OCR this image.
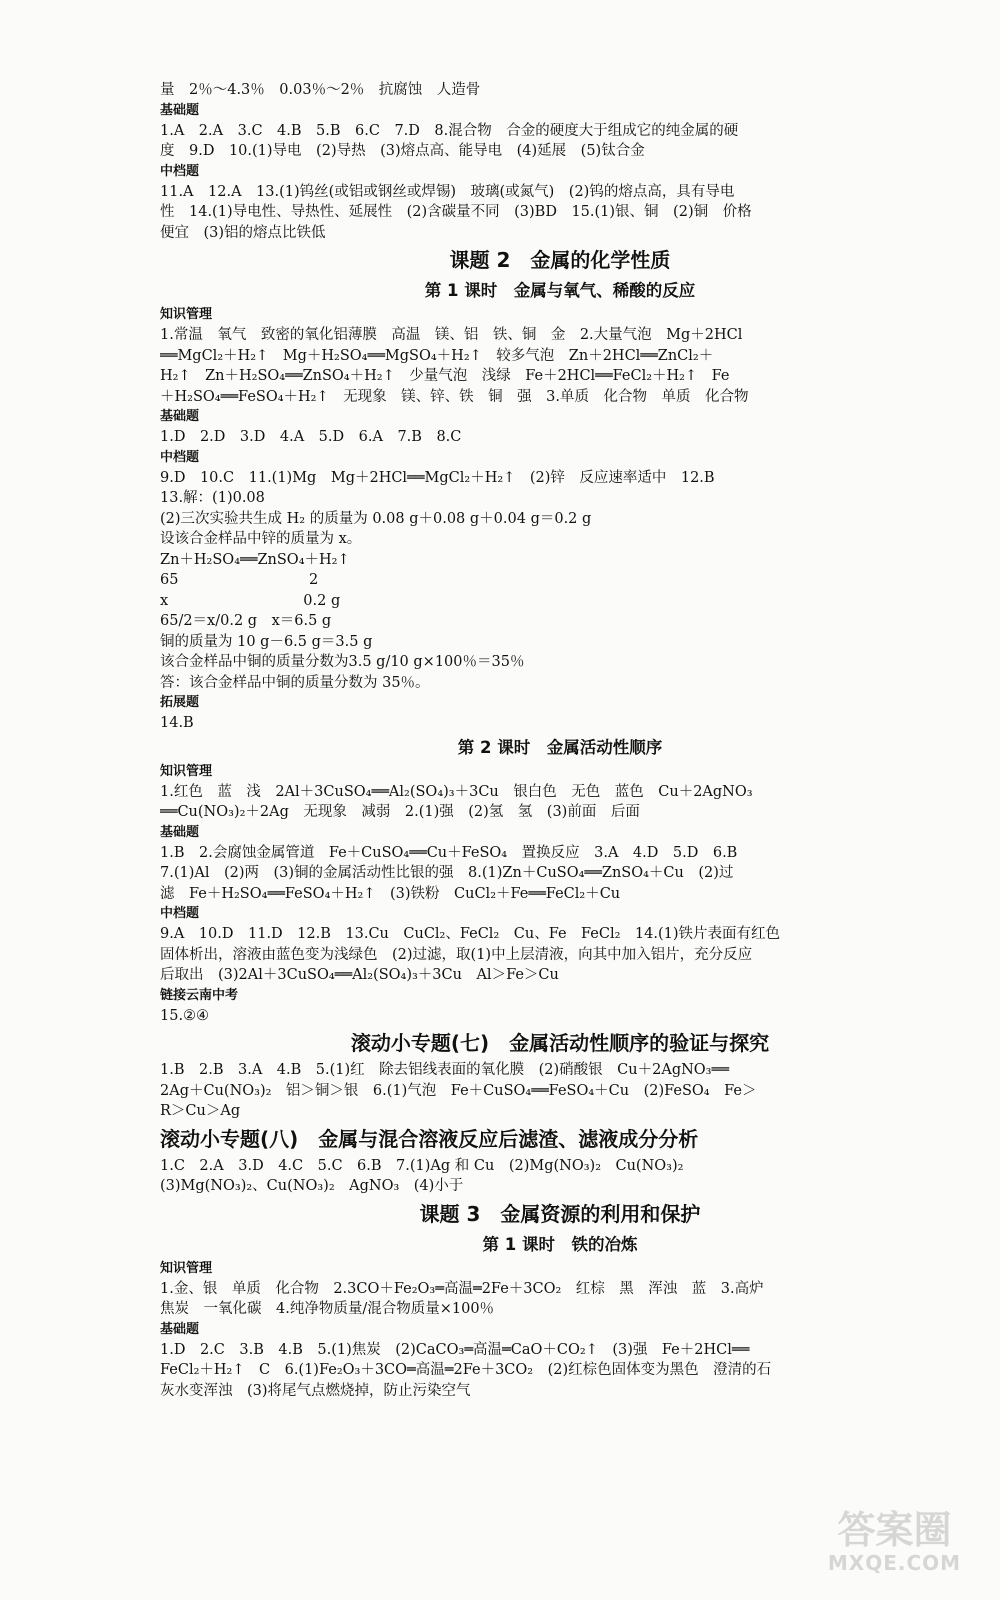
量　2％～4.3％　0.03％～2％　抗腐蚀　人造骨
基础题
1.A　2.A　3.C　4.B　5.B　6.C　7.D　8.混合物　合金的硬度大于组成它的纯金属的硬
度　9.D　10.(1)导电　(2)导热　(3)熔点高、能导电　(4)延展　(5)钛合金
中档题
11.A　12.A　13.(1)钨丝(或铝或钢丝或焊锡)　玻璃(或氮气)　(2)钨的熔点高，具有导电
性　14.(1)导电性、导热性、延展性　(2)含碳量不同　(3)BD　15.(1)银、铜　(2)铜　价格
便宜　(3)铝的熔点比铁低
课题 2　金属的化学性质
第 1 课时　金属与氧气、稀酸的反应
知识管理
1.常温　氧气　致密的氧化铝薄膜　高温　镁、铝　铁、铜　金　2.大量气泡　Mg＋2HCl
══MgCl₂＋H₂↑　Mg＋H₂SO₄══MgSO₄＋H₂↑　较多气泡　Zn＋2HCl══ZnCl₂＋
H₂↑　Zn＋H₂SO₄══ZnSO₄＋H₂↑　少量气泡　浅绿　Fe＋2HCl══FeCl₂＋H₂↑　Fe
＋H₂SO₄══FeSO₄＋H₂↑　无现象　镁、锌、铁　铜　强　3.单质　化合物　单质　化合物
基础题
1.D　2.D　3.D　4.A　5.D　6.A　7.B　8.C
中档题
9.D　10.C　11.(1)Mg　Mg＋2HCl══MgCl₂＋H₂↑　(2)锌　反应速率适中　12.B
13.解：(1)0.08
(2)三次实验共生成 H₂ 的质量为 0.08 g＋0.08 g＋0.04 g＝0.2 g
设该合金样品中锌的质量为 x。
Zn＋H₂SO₄══ZnSO₄＋H₂↑
65　　　　　　　　　2
x　　　　　　　　　 0.2 g
65/2＝x/0.2 g　x＝6.5 g
铜的质量为 10 g－6.5 g＝3.5 g
该合金样品中铜的质量分数为3.5 g/10 g×100％＝35％
答：该合金样品中铜的质量分数为 35％。
拓展题
14.B
第 2 课时　金属活动性顺序
知识管理
1.红色　蓝　浅　2Al＋3CuSO₄══Al₂(SO₄)₃＋3Cu　银白色　无色　蓝色　Cu＋2AgNO₃
══Cu(NO₃)₂＋2Ag　无现象　减弱　2.(1)强　(2)氢　氢　(3)前面　后面
基础题
1.B　2.会腐蚀金属管道　Fe＋CuSO₄══Cu＋FeSO₄　置换反应　3.A　4.D　5.D　6.B
7.(1)Al　(2)两　(3)铜的金属活动性比银的强　8.(1)Zn＋CuSO₄══ZnSO₄＋Cu　(2)过
滤　Fe＋H₂SO₄══FeSO₄＋H₂↑　(3)铁粉　CuCl₂＋Fe══FeCl₂＋Cu
中档题
9.A　10.D　11.D　12.B　13.Cu　CuCl₂、FeCl₂　Cu、Fe　FeCl₂　14.(1)铁片表面有红色
固体析出，溶液由蓝色变为浅绿色　(2)过滤，取(1)中上层清液，向其中加入铝片，充分反应
后取出　(3)2Al＋3CuSO₄══Al₂(SO₄)₃＋3Cu　Al＞Fe＞Cu
链接云南中考
15.②④
滚动小专题(七)　金属活动性顺序的验证与探究
1.B　2.B　3.A　4.B　5.(1)红　除去铝线表面的氧化膜　(2)硝酸银　Cu＋2AgNO₃══
2Ag＋Cu(NO₃)₂　铝＞铜＞银　6.(1)气泡　Fe＋CuSO₄══FeSO₄＋Cu　(2)FeSO₄　Fe＞
R＞Cu＞Ag
滚动小专题(八)　金属与混合溶液反应后滤渣、滤液成分分析
1.C　2.A　3.D　4.C　5.C　6.B　7.(1)Ag 和 Cu　(2)Mg(NO₃)₂　Cu(NO₃)₂
(3)Mg(NO₃)₂、Cu(NO₃)₂　AgNO₃　(4)小于
课题 3　金属资源的利用和保护
第 1 课时　铁的冶炼
知识管理
1.金、银　单质　化合物　2.3CO＋Fe₂O₃═高温═2Fe＋3CO₂　红棕　黑　浑浊　蓝　3.高炉
焦炭　一氧化碳　4.纯净物质量/混合物质量×100％
基础题
1.D　2.C　3.B　4.B　5.(1)焦炭　(2)CaCO₃═高温═CaO＋CO₂↑　(3)强　Fe＋2HCl══
FeCl₂＋H₂↑　C　6.(1)Fe₂O₃＋3CO═高温═2Fe＋3CO₂　(2)红棕色固体变为黑色　澄清的石
灰水变浑浊　(3)将尾气点燃烧掉，防止污染空气
答案圈
MXQE.COM
